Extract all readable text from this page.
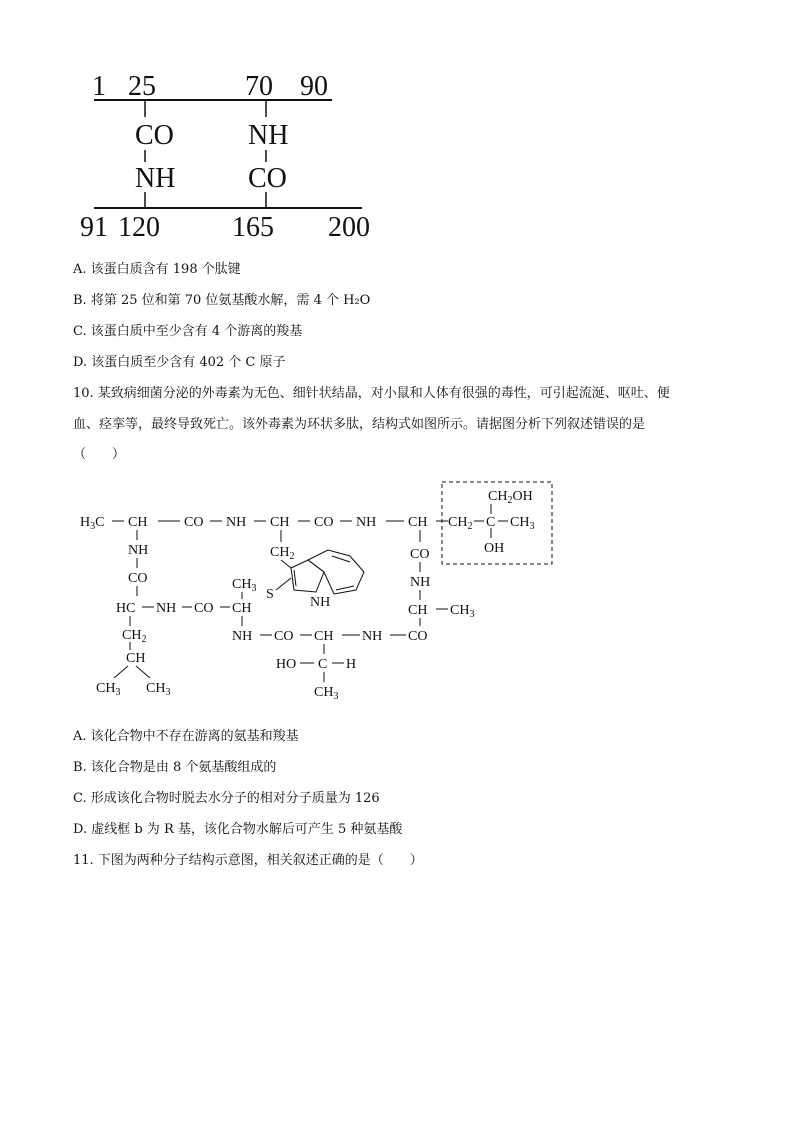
1 25	70 90
CO
NH
NH
CO
91 120	165 200
A. 该蛋白质含有 198 个肽键
B. 将第 25 位和第 70 位氨基酸水解，需 4 个 H₂O
C. 该蛋白质中至少含有 4 个游离的羧基
D. 该蛋白质至少含有 402 个 C 原子
10. 某致病细菌分泌的外毒素为无色、细针状结晶，对小鼠和人体有很强的毒性，可引起流涎、呕吐、便
血、痉挛等，最终导致死亡。该外毒素为环状多肽，结构式如图所示。请据图分析下列叙述错误的是
（　　）
$H_3C$ CH	CO NH CH CO NH CH $CH_2$ C $CH_3$
$CH_2OH$
OH
NH
CO
HC NH CO CH
$CH_2$
CH
$CH_3$ $CH_3$
$CH_3$
NH CO CH NH CO
HO C H
$CH_3$
CO
NH
CH $CH_3$
$CH_2$
S
NH
A. 该化合物中不存在游离的氨基和羧基
B. 该化合物是由 8 个氨基酸组成的
C. 形成该化合物时脱去水分子的相对分子质量为 126
D. 虚线框 b 为 R 基，该化合物水解后可产生 5 种氨基酸
11. 下图为两种分子结构示意图，相关叙述正确的是（　　）
